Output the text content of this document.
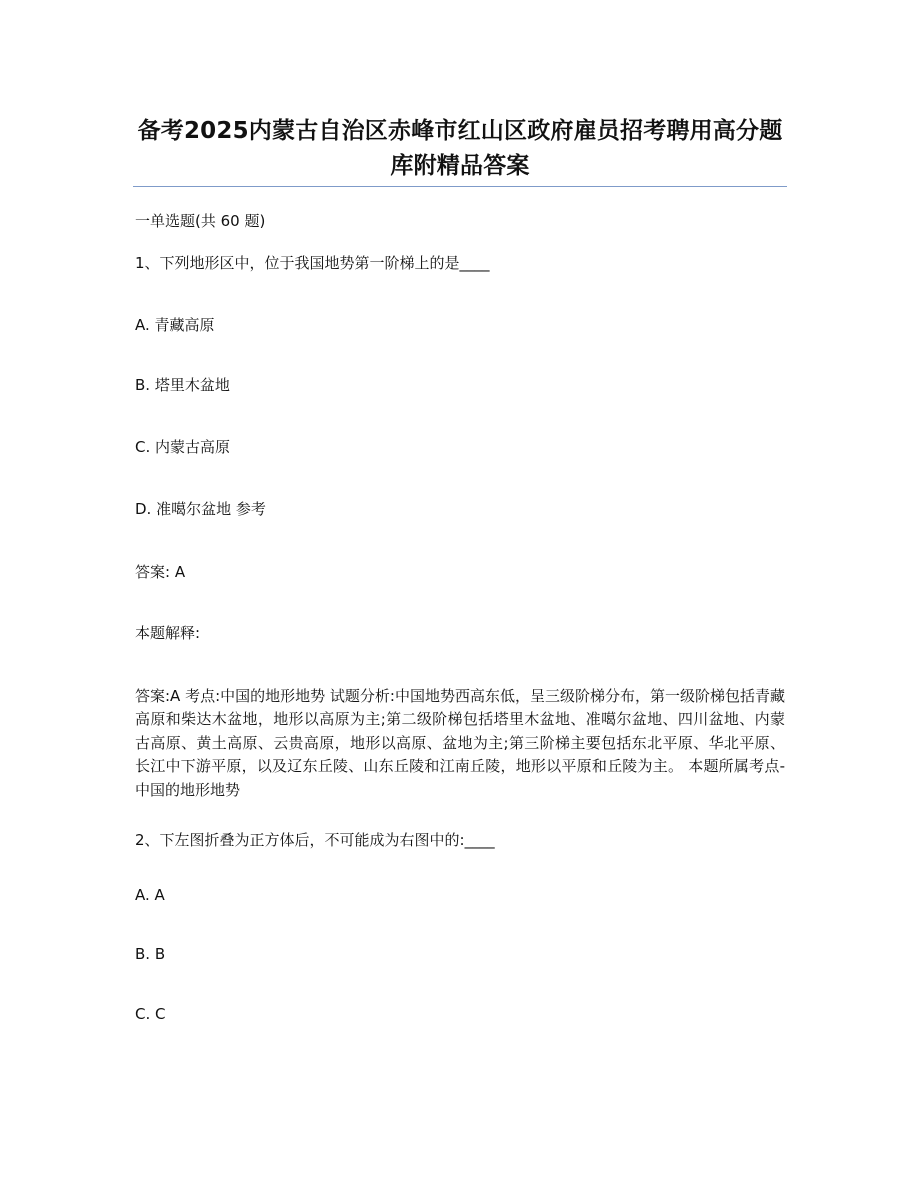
备考2025内蒙古自治区赤峰市红山区政府雇员招考聘用高分题库附精品答案
一单选题(共 60 题)
1、下列地形区中，位于我国地势第一阶梯上的是____
A. 青藏高原
B. 塔里木盆地
C. 内蒙古高原
D. 准噶尔盆地 参考
答案: A
本题解释:
答案:A 考点:中国的地形地势 试题分析:中国地势西高东低，呈三级阶梯分布，第一级阶梯包括青藏高原和柴达木盆地，地形以高原为主;第二级阶梯包括塔里木盆地、准噶尔盆地、四川盆地、内蒙古高原、黄土高原、云贵高原，地形以高原、盆地为主;第三阶梯主要包括东北平原、华北平原、长江中下游平原，以及辽东丘陵、山东丘陵和江南丘陵，地形以平原和丘陵为主。 本题所属考点-中国的地形地势
2、下左图折叠为正方体后，不可能成为右图中的:____
A. A
B. B
C. C
